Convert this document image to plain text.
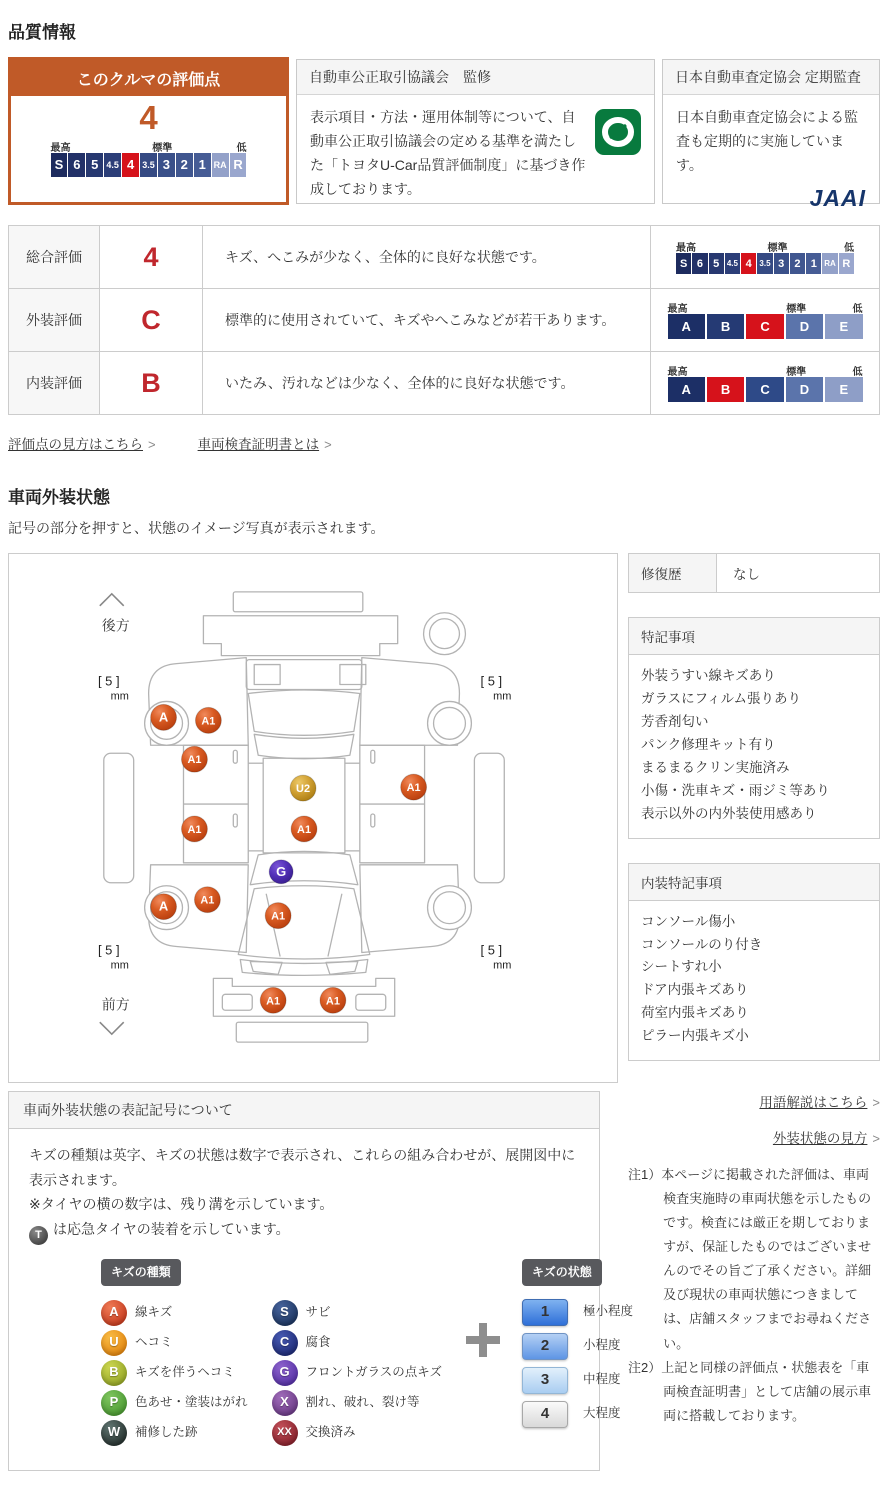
品質情報
このクルマの評価点
4
最高	標準	低
S 6 5 4.5 4 3.5 3 2 1 RA R
自動車公正取引協議会　監修
表示項目・方法・運用体制等について、自動車公正取引協議会の定める基準を満たした「トヨタU-Car品質評価制度」に基づき作成しております。
日本自動車査定協会 定期監査
日本自動車査定協会による監査も定期的に実施しています。
JAAI
総合評価	4	キズ、へこみが少なく、全体的に良好な状態です。	
最高	標準	低
S 6 5 4.5 4 3.5 3 2 1 RA R

外装評価	C	標準的に使用されていて、キズやへこみなどが若干あります。	
最高	標準	低
A	B	C	D	E

内装評価	B	いたみ、汚れなどは少なく、全体的に良好な状態です。	
最高	標準	低
A	B	C	D	E
評価点の見方はこちら >	車両検査証明書とは >
車両外装状態

記号の部分を押すと、状態のイメージ写真が表示されます。

後方
前方
[ 5 ]
mm
[ 5 ]
mm
[ 5 ]
mm
[ 5 ]
mm
A	A1
A1
U2	A1
A1	A1
G
A1
A
A1
A1	A1
車両外装状態の表記記号について

キズの種類は英字、キズの状態は数字で表示され、これらの組み合わせが、展開図中に表示されます。

※タイヤの横の数字は、残り溝を示しています。

T は応急タイヤの装着を示しています。

キズの種類
A	線キズ
U	ヘコミ
B	キズを伴うヘコミ
P	色あせ・塗装はがれ
W	補修した跡
S	サビ
C	腐食
G	フロントガラスの点キズ
X	割れ、破れ、裂け等
XX	交換済み
キズの状態
1	極小程度
2	小程度
3	中程度
4	大程度
修復歴	なし
特記事項
外装うすい線キズあり
ガラスにフィルム張りあり
芳香剤匂い
パンク修理キット有り
まるまるクリン実施済み
小傷・洗車キズ・雨ジミ等あり
表示以外の内外装使用感あり
内装特記事項
コンソール傷小
コンソールのり付き
シートすれ小
ドア内張キズあり
荷室内張キズあり
ピラー内張キズ小
用語解説はこちら >
外装状態の見方 >

注1）本ページに掲載された評価は、車両検査実施時の車両状態を示したものです。検査には厳正を期しておりますが、保証したものではございませんのでその旨ご了承ください。詳細及び現状の車両状態につきましては、店舗スタッフまでお尋ねください。

注2）上記と同様の評価点・状態表を「車両検査証明書」として店舗の展示車両に搭載しております。
